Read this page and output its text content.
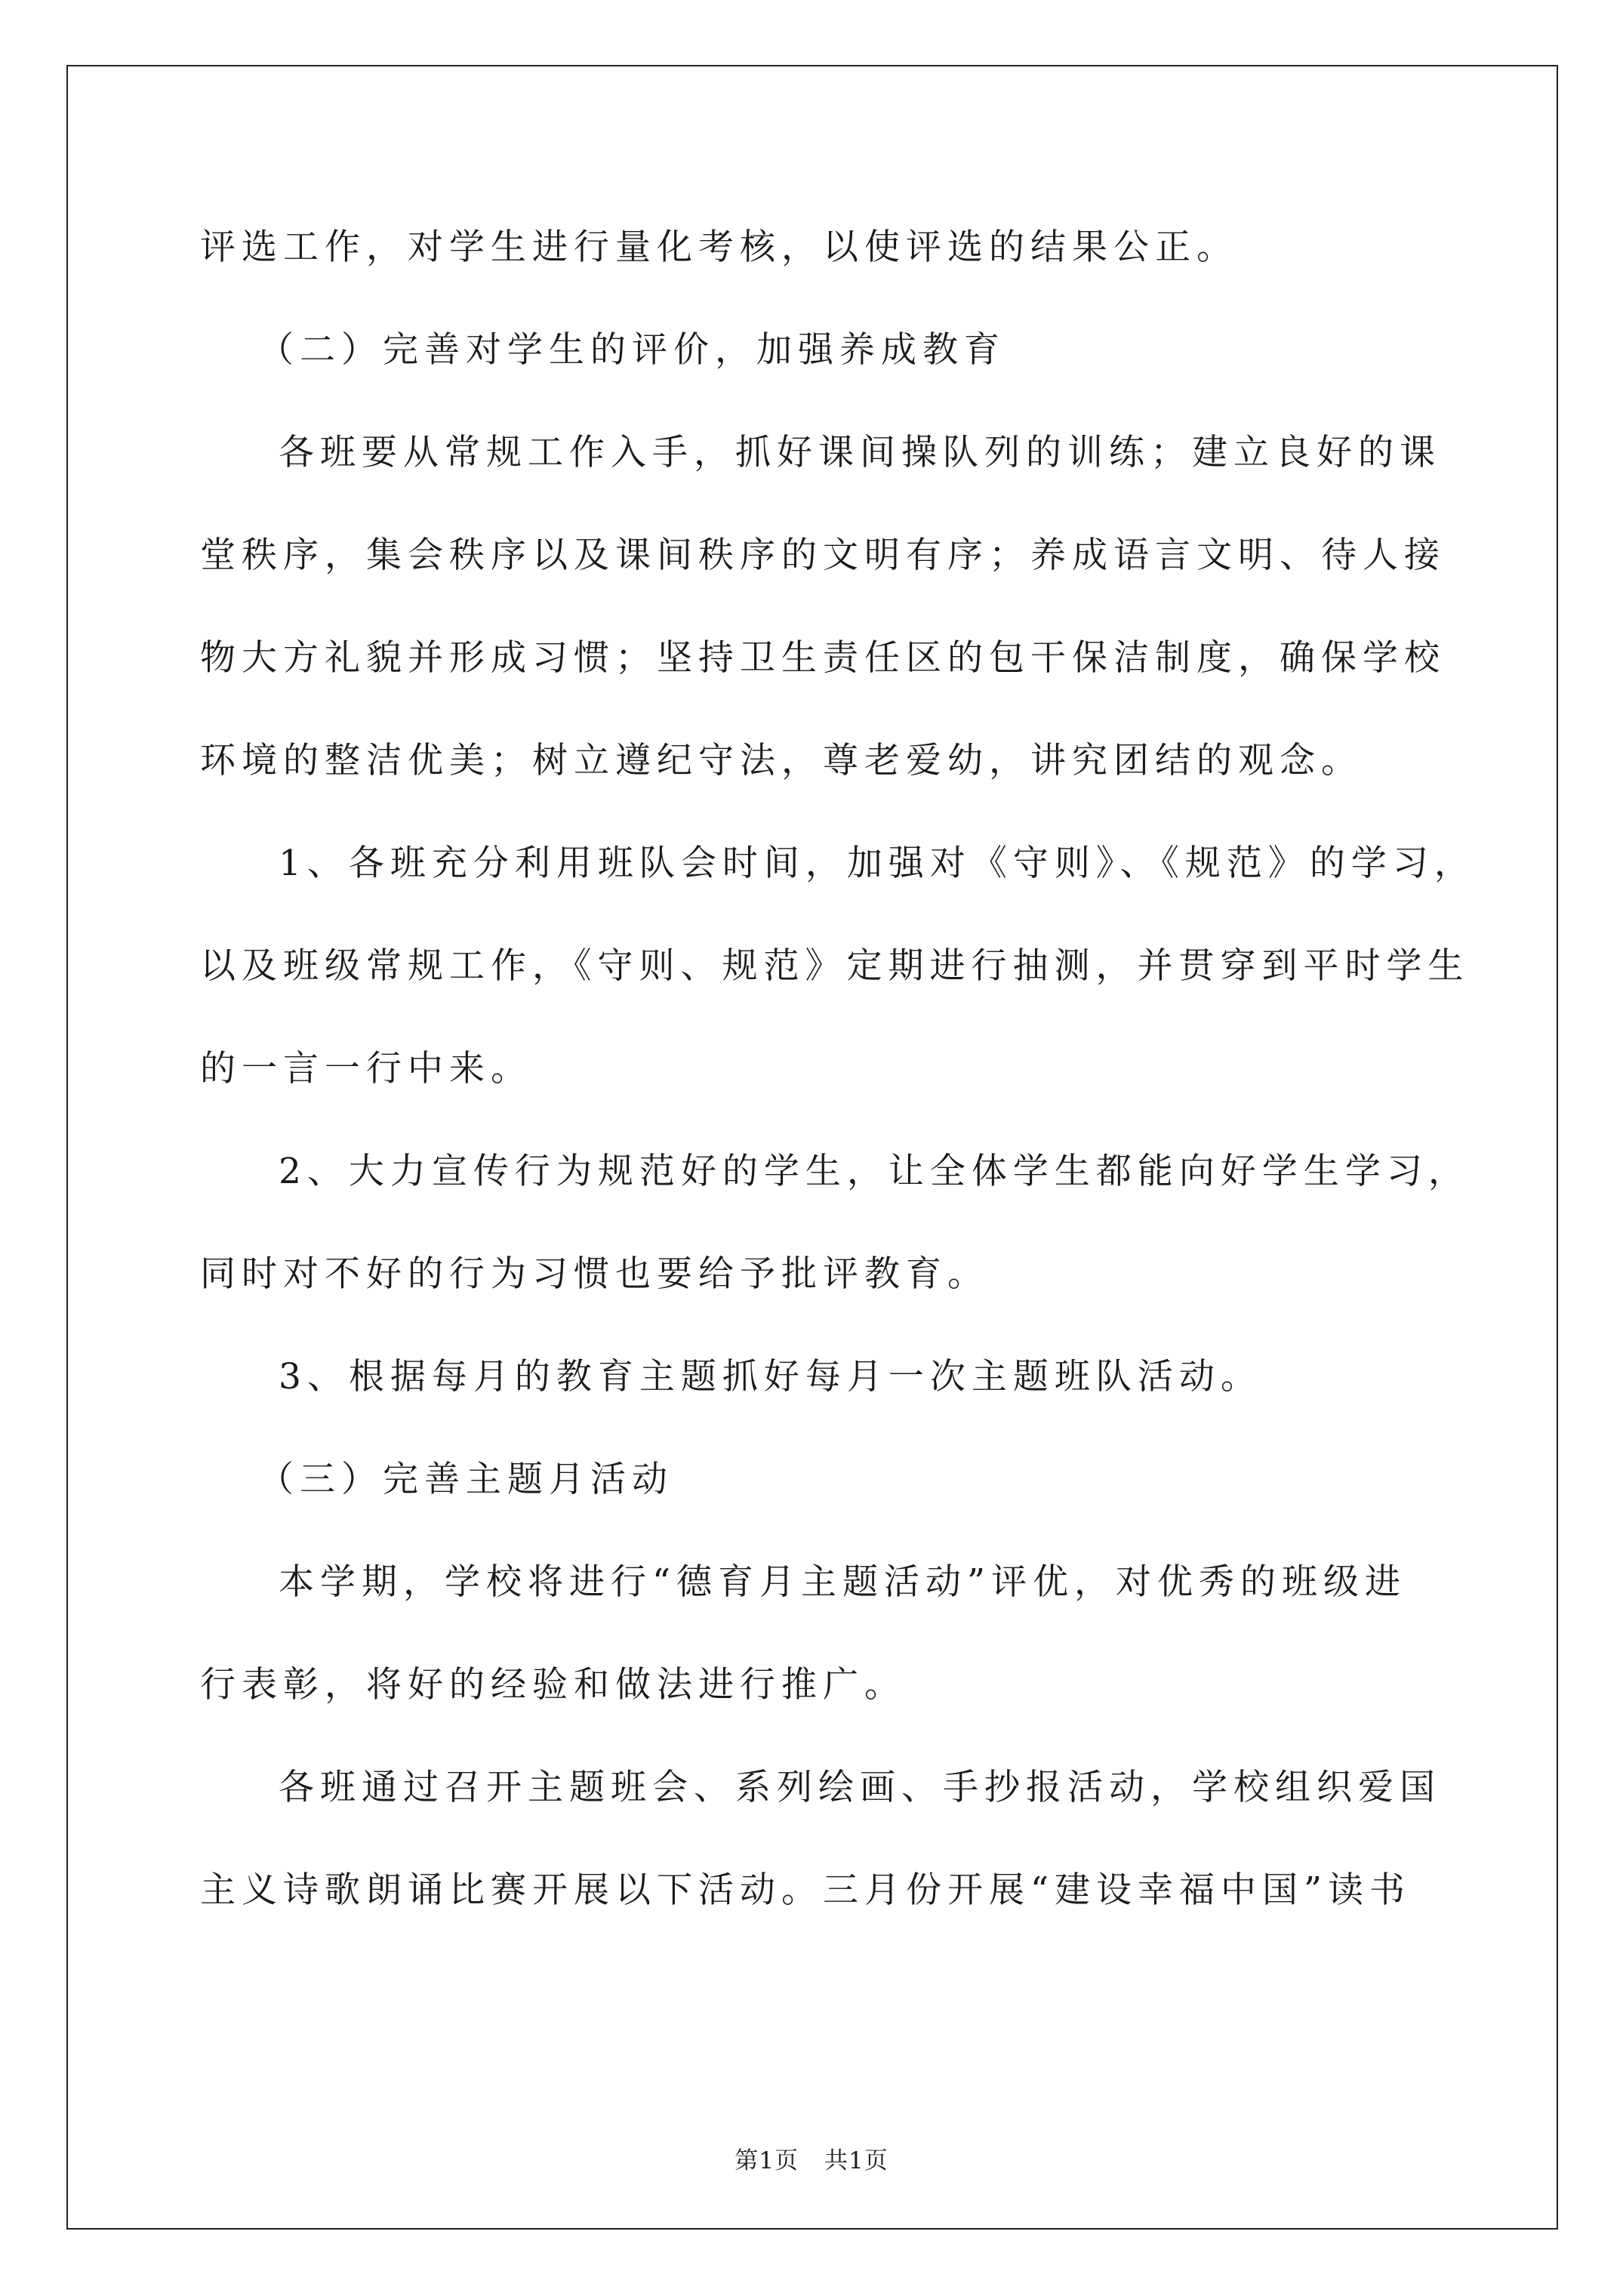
评选工作，对学生进行量化考核，以使评选的结果公正。
（二）完善对学生的评价，加强养成教育
各班要从常规工作入手，抓好课间操队列的训练；建立良好的课
堂秩序，集会秩序以及课间秩序的文明有序；养成语言文明、待人接
物大方礼貌并形成习惯；坚持卫生责任区的包干保洁制度，确保学校
环境的整洁优美；树立遵纪守法，尊老爱幼，讲究团结的观念。
1、各班充分利用班队会时间，加强对《守则》、《规范》的学习，
以及班级常规工作，《守则、规范》定期进行抽测，并贯穿到平时学生
的一言一行中来。
2、大力宣传行为规范好的学生，让全体学生都能向好学生学习，
同时对不好的行为习惯也要给予批评教育。
3、根据每月的教育主题抓好每月一次主题班队活动。
（三）完善主题月活动
本学期，学校将进行“德育月主题活动”评优，对优秀的班级进
行表彰，将好的经验和做法进行推广。
各班通过召开主题班会、系列绘画、手抄报活动，学校组织爱国
主义诗歌朗诵比赛开展以下活动。三月份开展“建设幸福中国”读书
第1页 共1页
